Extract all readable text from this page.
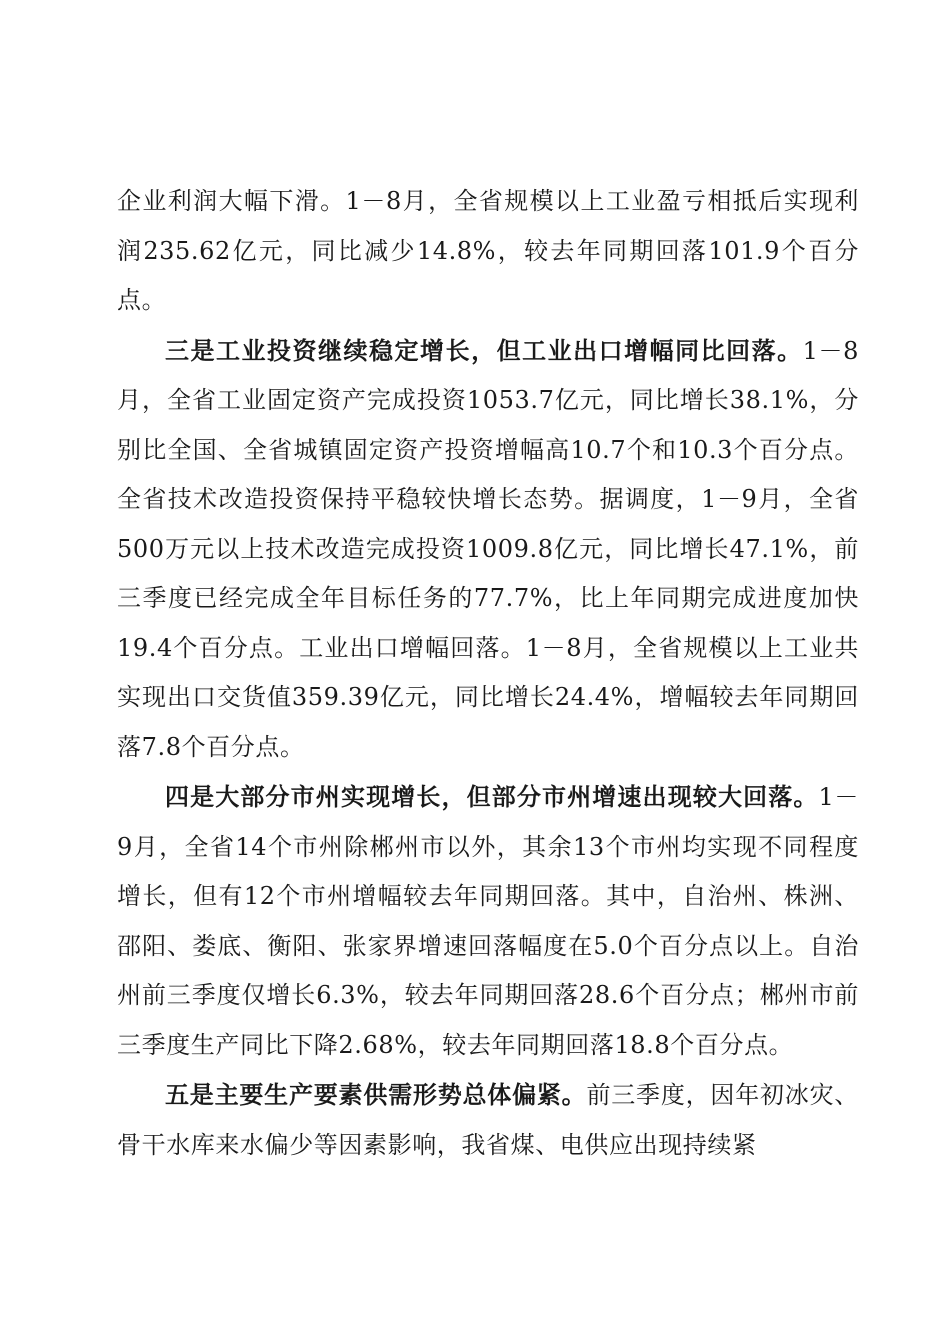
企业利润大幅下滑。1－8月，全省规模以上工业盈亏相抵后实现利润235.62亿元，同比减少14.8%，较去年同期回落101.9个百分点。

三是工业投资继续稳定增长，但工业出口增幅同比回落。1－8月，全省工业固定资产完成投资1053.7亿元，同比增长38.1%，分别比全国、全省城镇固定资产投资增幅高10.7个和10.3个百分点。全省技术改造投资保持平稳较快增长态势。据调度，1－9月，全省500万元以上技术改造完成投资1009.8亿元，同比增长47.1%，前三季度已经完成全年目标任务的77.7%，比上年同期完成进度加快19.4个百分点。工业出口增幅回落。1－8月，全省规模以上工业共实现出口交货值359.39亿元，同比增长24.4%，增幅较去年同期回落7.8个百分点。

四是大部分市州实现增长，但部分市州增速出现较大回落。1－9月，全省14个市州除郴州市以外，其余13个市州均实现不同程度增长，但有12个市州增幅较去年同期回落。其中，自治州、株洲、邵阳、娄底、衡阳、张家界增速回落幅度在5.0个百分点以上。自治州前三季度仅增长6.3%，较去年同期回落28.6个百分点；郴州市前三季度生产同比下降2.68%，较去年同期回落18.8个百分点。

五是主要生产要素供需形势总体偏紧。前三季度，因年初冰灾、骨干水库来水偏少等因素影响，我省煤、电供应出现持续紧
